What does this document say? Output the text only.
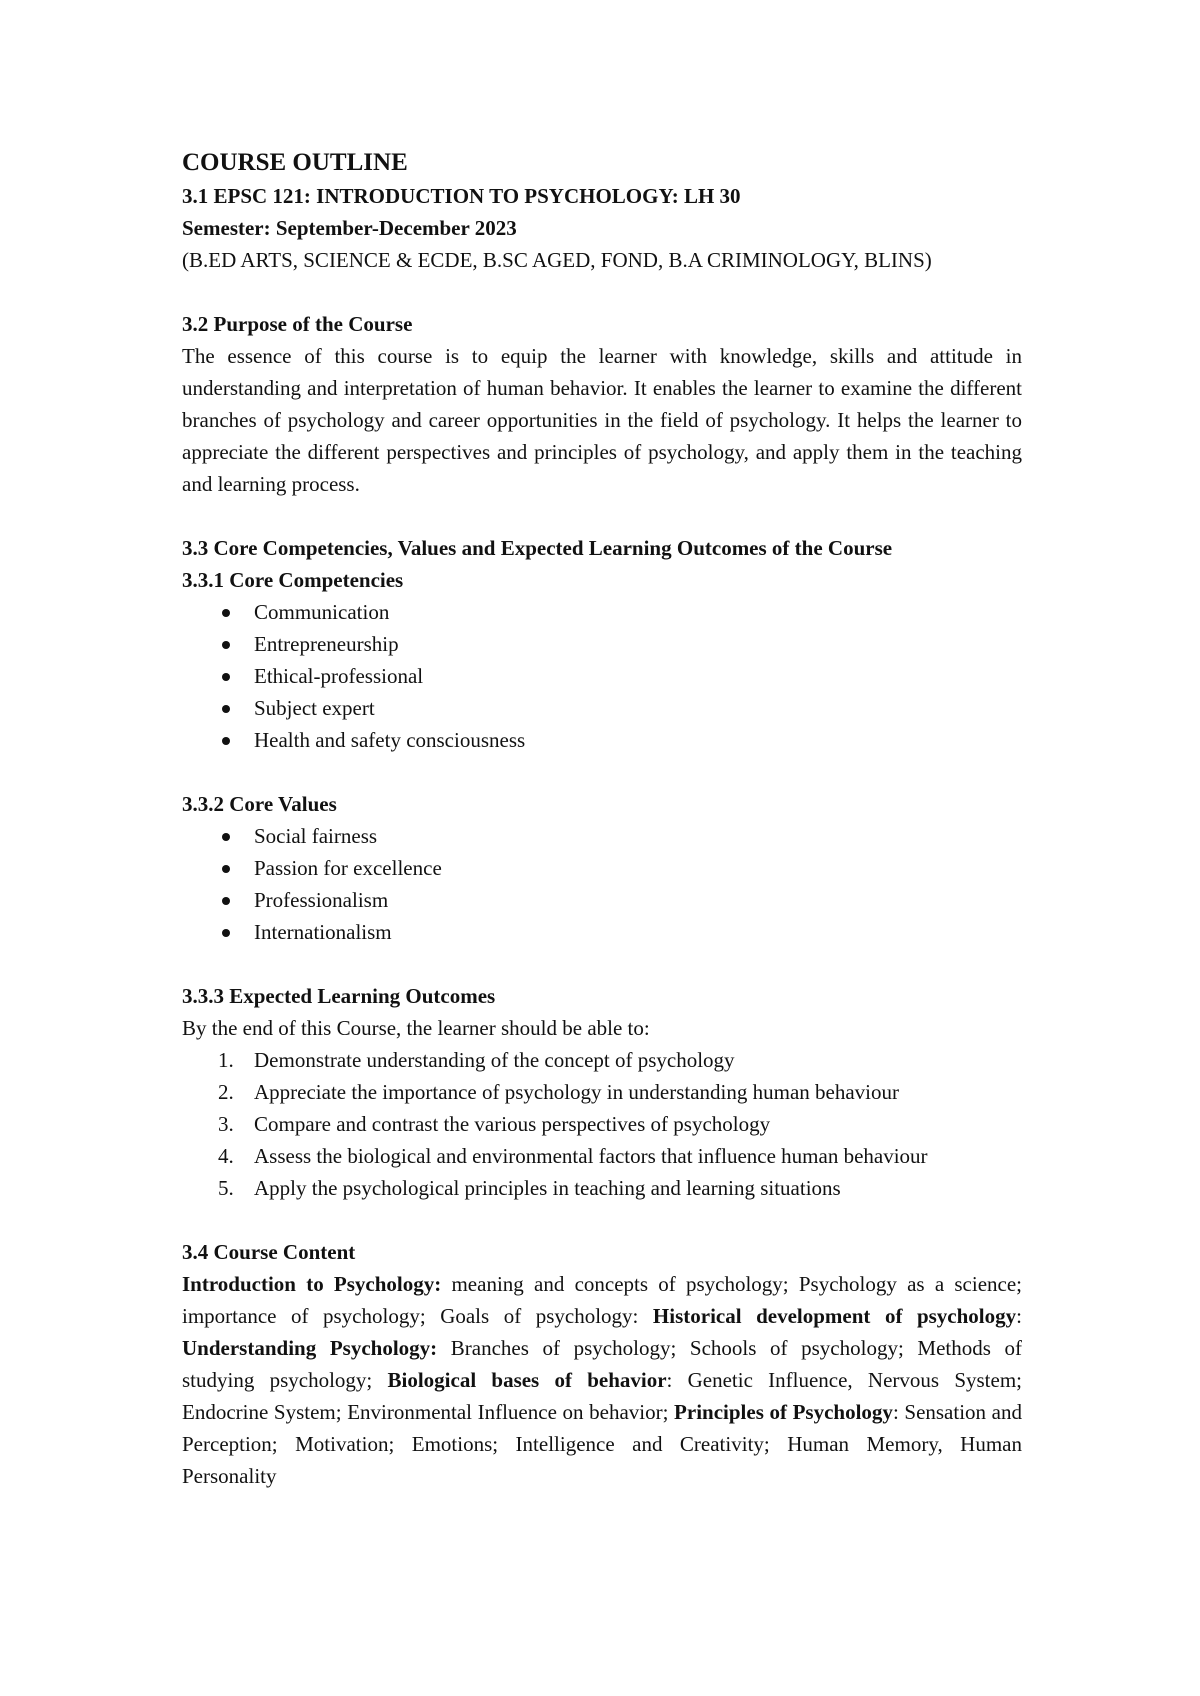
COURSE OUTLINE

3.1 EPSC 121: INTRODUCTION TO PSYCHOLOGY: LH 30

Semester: September-December 2023

(B.ED ARTS, SCIENCE & ECDE, B.SC AGED, FOND, B.A CRIMINOLOGY, BLINS)

3.2 Purpose of the Course

The essence of this course is to equip the learner with knowledge, skills and attitude in understanding and interpretation of human behavior. It enables the learner to examine the different branches of psychology and career opportunities in the field of psychology. It helps the learner to appreciate the different perspectives and principles of psychology, and apply them in the teaching and learning process.

3.3 Core Competencies, Values and Expected Learning Outcomes of the Course

3.3.1 Core Competencies

Communication
Entrepreneurship
Ethical-professional
Subject expert
Health and safety consciousness

3.3.2 Core Values

Social fairness
Passion for excellence
Professionalism
Internationalism

3.3.3 Expected Learning Outcomes

By the end of this Course, the learner should be able to:

1. Demonstrate understanding of the concept of psychology
2. Appreciate the importance of psychology in understanding human behaviour
3. Compare and contrast the various perspectives of psychology
4. Assess the biological and environmental factors that influence human behaviour
5. Apply the psychological principles in teaching and learning situations

3.4 Course Content

Introduction to Psychology: meaning and concepts of psychology; Psychology as a science; importance of psychology; Goals of psychology: Historical development of psychology: Understanding Psychology: Branches of psychology; Schools of psychology; Methods of studying psychology; Biological bases of behavior: Genetic Influence, Nervous System; Endocrine System; Environmental Influence on behavior; Principles of Psychology: Sensation and Perception; Motivation; Emotions; Intelligence and Creativity; Human Memory, Human Personality
